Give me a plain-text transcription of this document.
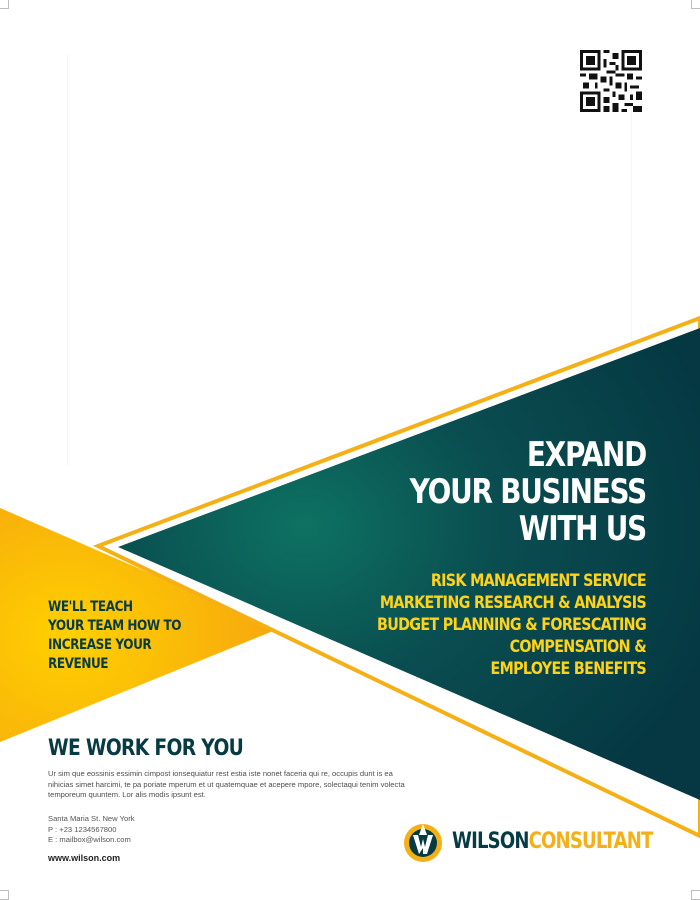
EXPAND
YOUR BUSINESS
WITH US
RISK MANAGEMENT SERVICE
MARKETING RESEARCH & ANALYSIS
BUDGET PLANNING & FORESCATING
COMPENSATION &
EMPLOYEE BENEFITS
WE'LL TEACH
YOUR TEAM HOW TO
INCREASE YOUR
REVENUE
WE WORK FOR YOU
Ur sim que eossinis essimin cimpost ionsequiatur rest estia iste nonet faceria qui re, occupis dunt is ea nihicias simet harcimi, te pa poriate mperum et ut quatemquae et acepere mpore, solectaqui tenim volecta temporeum quuntem. Lor alis modis ipsunt est.
Santa Maria St. New York
P : +23 1234567800
E : mailbox@wilson.com
www.wilson.com
WILSONCONSULTANT
